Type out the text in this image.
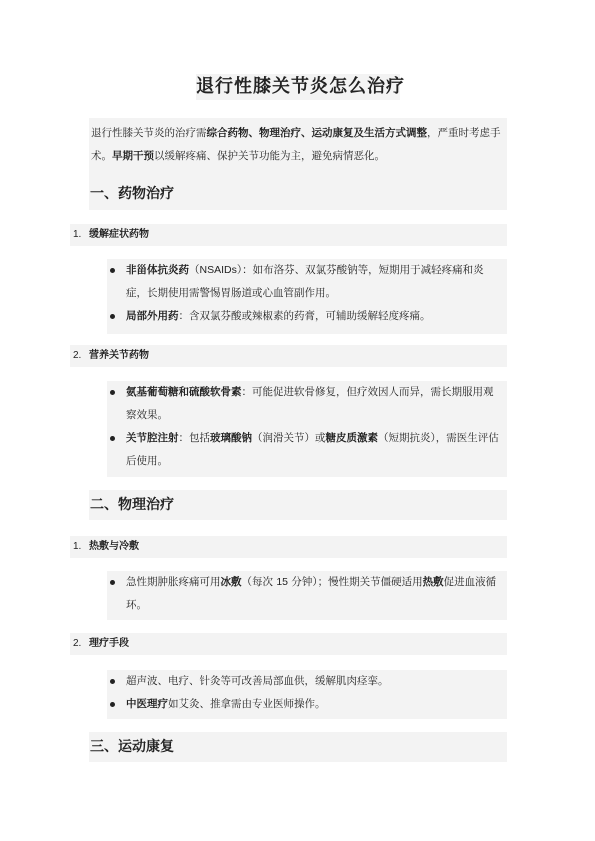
退行性膝关节炎怎么治疗

退行性膝关节炎的治疗需综合药物、物理治疗、运动康复及生活方式调整，严重时考虑手术。早期干预以缓解疼痛、保护关节功能为主，避免病情恶化。

一、药物治疗
1. 缓解症状药物
非甾体抗炎药（NSAIDs）：如布洛芬、双氯芬酸钠等，短期用于减轻疼痛和炎症，长期使用需警惕胃肠道或心血管副作用。
局部外用药：含双氯芬酸或辣椒素的药膏，可辅助缓解轻度疼痛。
2. 营养关节药物
氨基葡萄糖和硫酸软骨素：可能促进软骨修复，但疗效因人而异，需长期服用观察效果。
关节腔注射：包括玻璃酸钠（润滑关节）或糖皮质激素（短期抗炎），需医生评估后使用。
二、物理治疗
1. 热敷与冷敷
急性期肿胀疼痛可用冰敷（每次 15 分钟）；慢性期关节僵硬适用热敷促进血液循环。
2. 理疗手段
超声波、电疗、针灸等可改善局部血供，缓解肌肉痉挛。
中医理疗如艾灸、推拿需由专业医师操作。
三、运动康复
